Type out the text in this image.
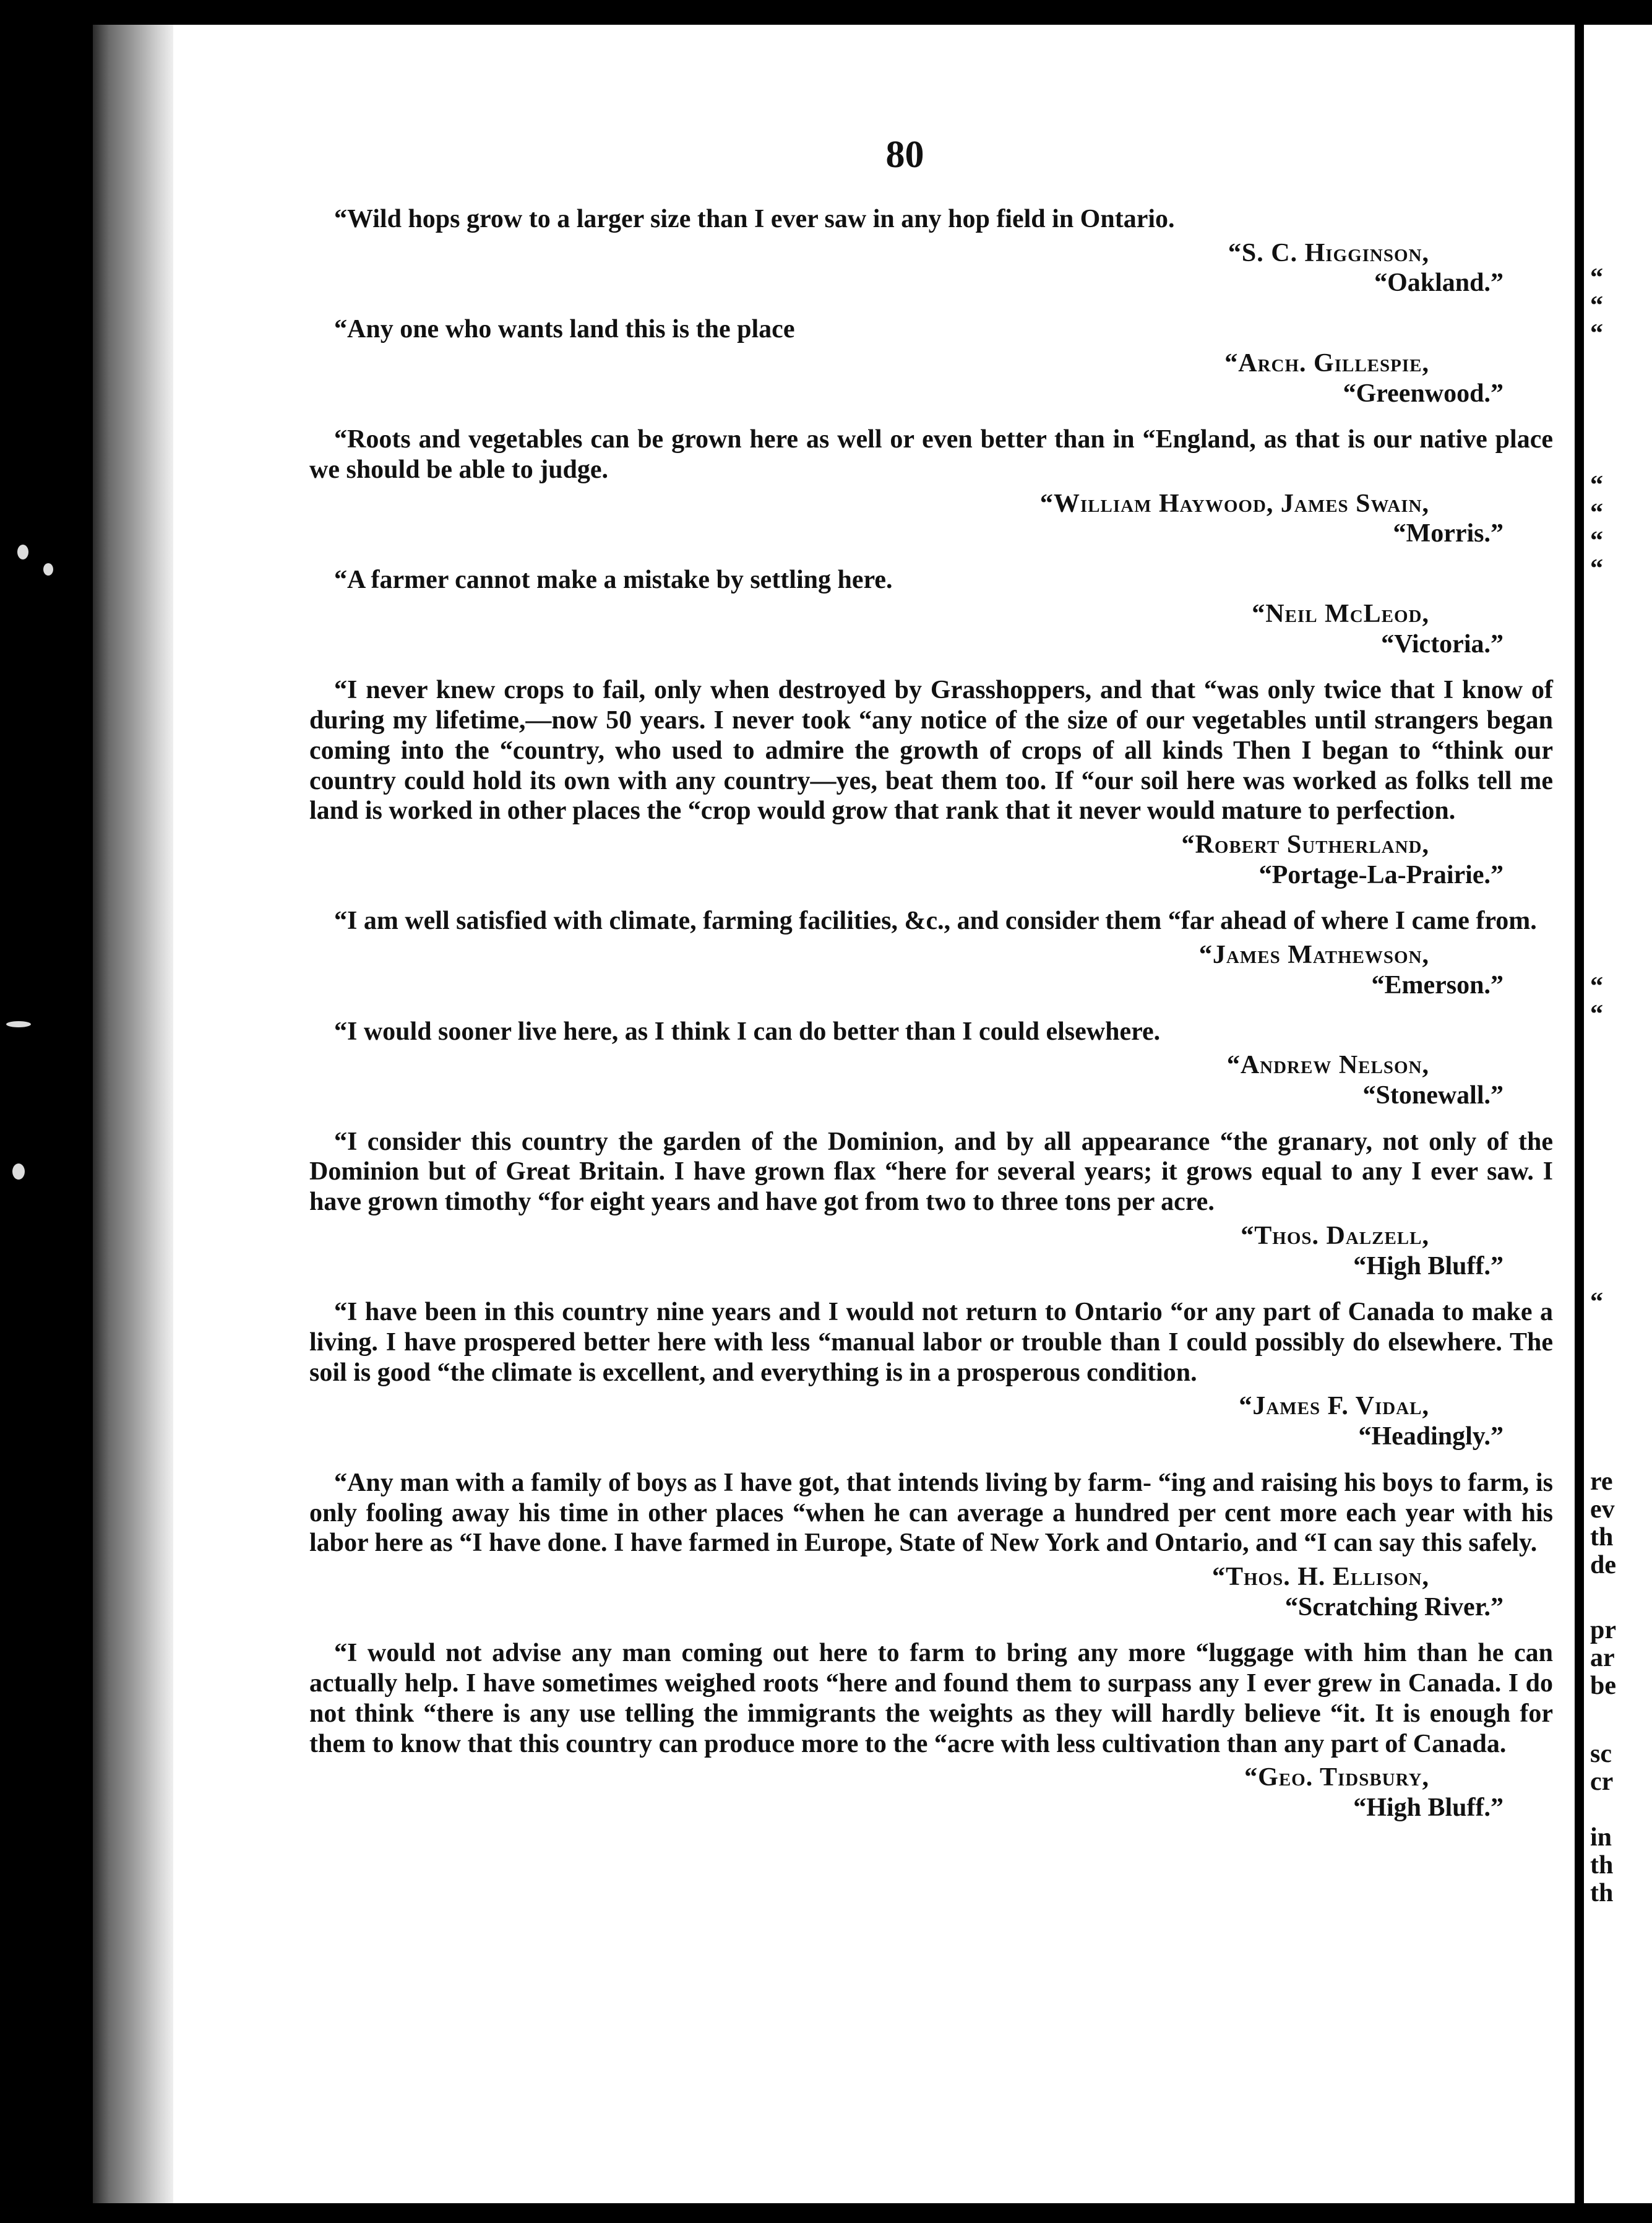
80

“Wild hops grow to a larger size than I ever saw in any hop field in Ontario.

“S. C. Higginson,
“Oakland.”

“Any one who wants land this is the place

“Arch. Gillespie,
“Greenwood.”

“Roots and vegetables can be grown here as well or even better than in “England, as that is our native place we should be able to judge.

“William Haywood, James Swain,
“Morris.”

“A farmer cannot make a mistake by settling here.

“Neil McLeod,
“Victoria.”

“I never knew crops to fail, only when destroyed by Grasshoppers, and that “was only twice that I know of during my lifetime,—now 50 years. I never took “any notice of the size of our vegetables until strangers began coming into the “country, who used to admire the growth of crops of all kinds Then I began to “think our country could hold its own with any country—yes, beat them too. If “our soil here was worked as folks tell me land is worked in other places the “crop would grow that rank that it never would mature to perfection.

“Robert Sutherland,
“Portage-La-Prairie.”

“I am well satisfied with climate, farming facilities, &c., and consider them “far ahead of where I came from.

“James Mathewson,
“Emerson.”

“I would sooner live here, as I think I can do better than I could elsewhere.

“Andrew Nelson,
“Stonewall.”

“I consider this country the garden of the Dominion, and by all appearance “the granary, not only of the Dominion but of Great Britain. I have grown flax “here for several years; it grows equal to any I ever saw. I have grown timothy “for eight years and have got from two to three tons per acre.

“Thos. Dalzell,
“High Bluff.”

“I have been in this country nine years and I would not return to Ontario “or any part of Canada to make a living. I have prospered better here with less “manual labor or trouble than I could possibly do elsewhere. The soil is good “the climate is excellent, and everything is in a prosperous condition.

“James F. Vidal,
“Headingly.”

“Any man with a family of boys as I have got, that intends living by farm- “ing and raising his boys to farm, is only fooling away his time in other places “when he can average a hundred per cent more each year with his labor here as “I have done. I have farmed in Europe, State of New York and Ontario, and “I can say this safely.

“Thos. H. Ellison,
“Scratching River.”

“I would not advise any man coming out here to farm to bring any more “luggage with him than he can actually help. I have sometimes weighed roots “here and found them to surpass any I ever grew in Canada. I do not think “there is any use telling the immigrants the weights as they will hardly believe “it. It is enough for them to know that this country can produce more to the “acre with less cultivation than any part of Canada.

“Geo. Tidsbury,
“High Bluff.”
“
“
“
“
“
“
“
“
“
“
re
ev
th
de
pr
ar
be
sc
cr
in
th
th
